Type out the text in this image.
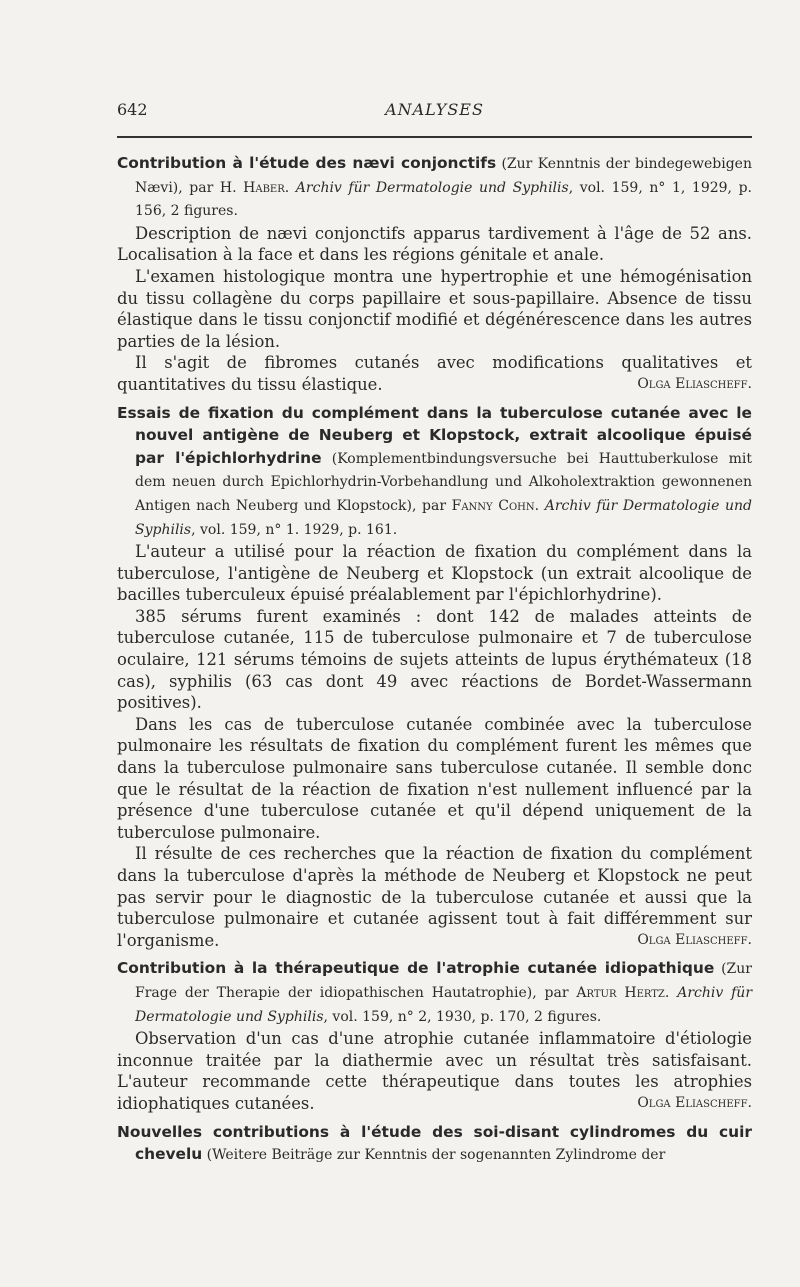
642	ANALYSES

Contribution à l'étude des nævi conjonctifs (Zur Kenntnis der bindegewebigen Nævi), par H. Haber. Archiv für Dermatologie und Syphilis, vol. 159, n° 1, 1929, p. 156, 2 figures.

Description de nævi conjonctifs apparus tardivement à l'âge de 52 ans. Localisation à la face et dans les régions génitale et anale.

L'examen histologique montra une hypertrophie et une hémogénisation du tissu collagène du corps papillaire et sous-papillaire. Absence de tissu élastique dans le tissu conjonctif modifié et dégénérescence dans les autres parties de la lésion.

Il s'agit de fibromes cutanés avec modifications qualitatives et quantitatives du tissu élastique.	Olga Eliascheff.

Essais de fixation du complément dans la tuberculose cutanée avec le nouvel antigène de Neuberg et Klopstock, extrait alcoolique épuisé par l'épichlorhydrine (Komplementbindungsversuche bei Hauttuberkulose mit dem neuen durch Epichlorhydrin-Vorbehandlung und Alkoholextraktion gewonnenen Antigen nach Neuberg und Klopstock), par Fanny Cohn. Archiv für Dermatologie und Syphilis, vol. 159, n° 1. 1929, p. 161.

L'auteur a utilisé pour la réaction de fixation du complément dans la tuberculose, l'antigène de Neuberg et Klopstock (un extrait alcoolique de bacilles tuberculeux épuisé préalablement par l'épichlorhydrine).

385 sérums furent examinés : dont 142 de malades atteints de tuberculose cutanée, 115 de tuberculose pulmonaire et 7 de tuberculose oculaire, 121 sérums témoins de sujets atteints de lupus érythémateux (18 cas), syphilis (63 cas dont 49 avec réactions de Bordet-Wassermann positives).

Dans les cas de tuberculose cutanée combinée avec la tuberculose pulmonaire les résultats de fixation du complément furent les mêmes que dans la tuberculose pulmonaire sans tuberculose cutanée. Il semble donc que le résultat de la réaction de fixation n'est nullement influencé par la présence d'une tuberculose cutanée et qu'il dépend uniquement de la tuberculose pulmonaire.

Il résulte de ces recherches que la réaction de fixation du complément dans la tuberculose d'après la méthode de Neuberg et Klopstock ne peut pas servir pour le diagnostic de la tuberculose cutanée et aussi que la tuberculose pulmonaire et cutanée agissent tout à fait différemment sur l'organisme.	Olga Eliascheff.

Contribution à la thérapeutique de l'atrophie cutanée idiopathique (Zur Frage der Therapie der idiopathischen Hautatrophie), par Artur Hertz. Archiv für Dermatologie und Syphilis, vol. 159, n° 2, 1930, p. 170, 2 figures.

Observation d'un cas d'une atrophie cutanée inflammatoire d'étiologie inconnue traitée par la diathermie avec un résultat très satisfaisant. L'auteur recommande cette thérapeutique dans toutes les atrophies idiophatiques cutanées.	Olga Eliascheff.

Nouvelles contributions à l'étude des soi-disant cylindromes du cuir chevelu (Weitere Beiträge zur Kenntnis der sogenannten Zylindrome der
